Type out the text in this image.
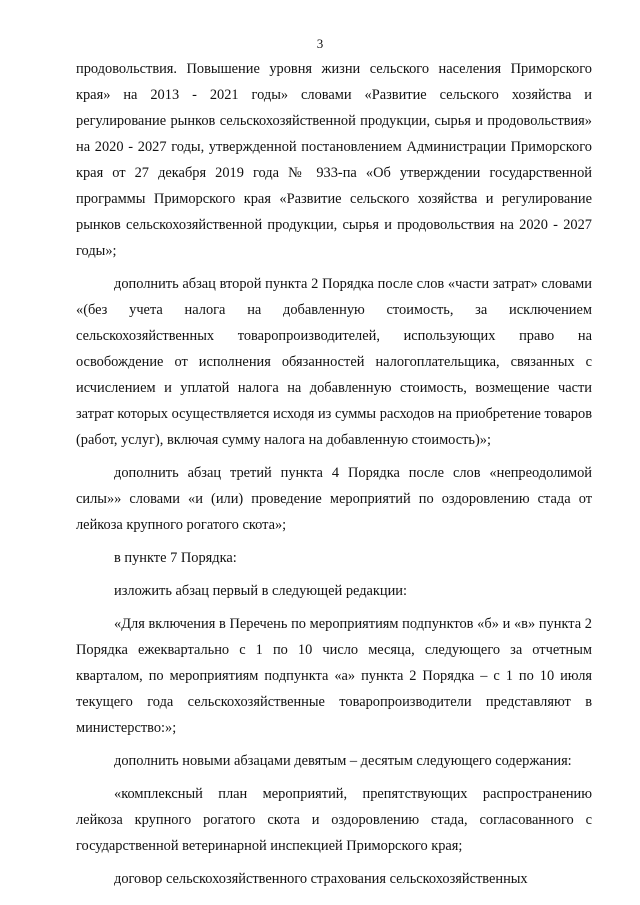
3

продовольствия. Повышение уровня жизни сельского населения Приморского края» на 2013 - 2021 годы» словами «Развитие сельского хозяйства и регулирование рынков сельскохозяйственной продукции, сырья и продовольствия» на 2020 - 2027 годы, утвержденной постановлением Администрации Приморского края от 27 декабря 2019 года № 933-па «Об утверждении государственной программы Приморского края «Развитие сельского хозяйства и регулирование рынков сельскохозяйственной продукции, сырья и продовольствия на 2020 - 2027 годы»;

дополнить абзац второй пункта 2 Порядка после слов «части затрат» словами «(без учета налога на добавленную стоимость, за исключением сельскохозяйственных товаропроизводителей, использующих право на освобождение от исполнения обязанностей налогоплательщика, связанных с исчислением и уплатой налога на добавленную стоимость, возмещение части затрат которых осуществляется исходя из суммы расходов на приобретение товаров (работ, услуг), включая сумму налога на добавленную стоимость)»;

дополнить абзац третий пункта 4 Порядка после слов «непреодолимой силы»» словами «и (или) проведение мероприятий по оздоровлению стада от лейкоза крупного рогатого скота»;

в пункте 7 Порядка:

изложить абзац первый в следующей редакции:

«Для включения в Перечень по мероприятиям подпунктов «б» и «в» пункта 2 Порядка ежеквартально с 1 по 10 число месяца, следующего за отчетным кварталом, по мероприятиям подпункта «а» пункта 2 Порядка – с 1 по 10 июля текущего года сельскохозяйственные товаропроизводители представляют в министерство:»;

дополнить новыми абзацами девятым – десятым следующего содержания:

«комплексный план мероприятий, препятствующих распространению лейкоза крупного рогатого скота и оздоровлению стада, согласованного с государственной ветеринарной инспекцией Приморского края;

договор сельскохозяйственного страхования сельскохозяйственных
